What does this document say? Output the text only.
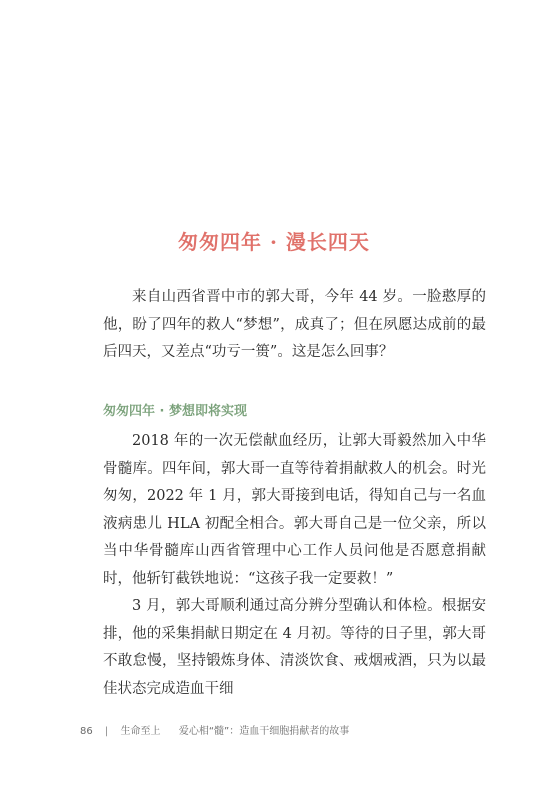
匆匆四年 · 漫长四天

来自山西省晋中市的郭大哥，今年 44 岁。一脸憨厚的他，盼了四年的救人“梦想”，成真了；但在夙愿达成前的最后四天，又差点“功亏一篑”。这是怎么回事？

匆匆四年 · 梦想即将实现

2018 年的一次无偿献血经历，让郭大哥毅然加入中华骨髓库。四年间，郭大哥一直等待着捐献救人的机会。时光匆匆，2022 年 1 月，郭大哥接到电话，得知自己与一名血液病患儿 HLA 初配全相合。郭大哥自己是一位父亲，所以当中华骨髓库山西省管理中心工作人员问他是否愿意捐献时，他斩钉截铁地说：“这孩子我一定要救！”

3 月，郭大哥顺利通过高分辨分型确认和体检。根据安排，他的采集捐献日期定在 4 月初。等待的日子里，郭大哥不敢怠慢，坚持锻炼身体、清淡饮食、戒烟戒酒，只为以最佳状态完成造血干细

86 | 生命至上 爱心相“髓”：造血干细胞捐献者的故事
